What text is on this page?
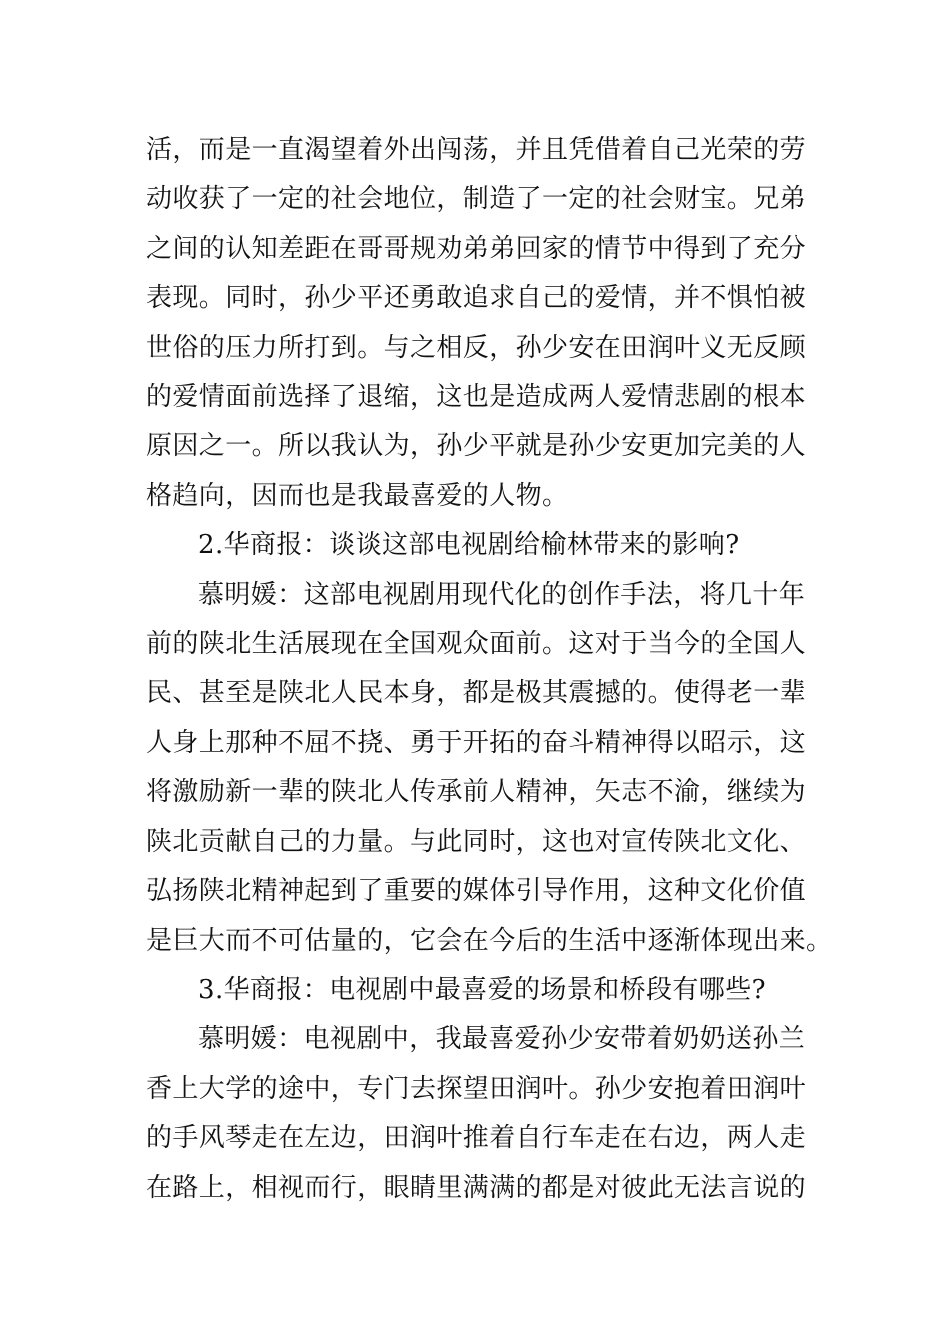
活，而是一直渴望着外出闯荡，并且凭借着自己光荣的劳
动收获了一定的社会地位，制造了一定的社会财宝。兄弟
之间的认知差距在哥哥规劝弟弟回家的情节中得到了充分
表现。同时，孙少平还勇敢追求自己的爱情，并不惧怕被
世俗的压力所打到。与之相反，孙少安在田润叶义无反顾
的爱情面前选择了退缩，这也是造成两人爱情悲剧的根本
原因之一。所以我认为，孙少平就是孙少安更加完美的人
格趋向，因而也是我最喜爱的人物。

2.华商报：谈谈这部电视剧给榆林带来的影响?

慕明媛：这部电视剧用现代化的创作手法，将几十年
前的陕北生活展现在全国观众面前。这对于当今的全国人
民、甚至是陕北人民本身，都是极其震撼的。使得老一辈
人身上那种不屈不挠、勇于开拓的奋斗精神得以昭示，这
将激励新一辈的陕北人传承前人精神，矢志不渝，继续为
陕北贡献自己的力量。与此同时，这也对宣传陕北文化、
弘扬陕北精神起到了重要的媒体引导作用，这种文化价值
是巨大而不可估量的，它会在今后的生活中逐渐体现出来。

3.华商报：电视剧中最喜爱的场景和桥段有哪些?

慕明媛：电视剧中，我最喜爱孙少安带着奶奶送孙兰
香上大学的途中，专门去探望田润叶。孙少安抱着田润叶
的手风琴走在左边，田润叶推着自行车走在右边，两人走
在路上，相视而行，眼睛里满满的都是对彼此无法言说的
